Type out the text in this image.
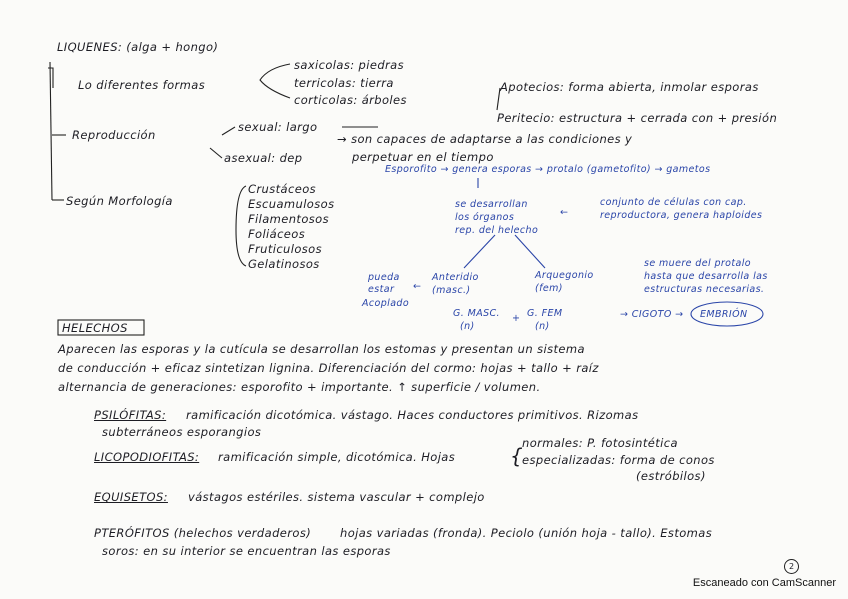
LIQUENES: (alga + hongo)
Lo diferentes formas
saxicolas: piedras
terricolas: tierra
corticolas: árboles
Reproducción
sexual: largo
asexual: dep
Apotecios: forma abierta, inmolar esporas
Peritecio: estructura + cerrada con + presión
→ son capaces de adaptarse a las condiciones y
perpetuar en el tiempo
Según Morfología
Crustáceos
Escuamulosos
Filamentosos
Foliáceos
Fruticulosos
Gelatinosos
Esporofito → genera esporas → protalo (gametofito) → gametos
se desarrollan
los órganos
rep. del helecho
←
conjunto de células con cap.
reproductora, genera haploides
pueda
estar
Acoplado
←
Anteridio
(masc.)
Arquegonio
(fem)
se muere del protalo
hasta que desarrolla las
estructuras necesarias.
G. MASC.
(n)
+ G. FEM
(n)
→ CIGOTO → EMBRIÓN
HELECHOS
Aparecen las esporas y la cutícula se desarrollan los estomas y presentan un sistema
de conducción + eficaz sintetizan lignina. Diferenciación del cormo: hojas + tallo + raíz
alternancia de generaciones: esporofito + importante. ↑ superficie / volumen.
PSILÓFITAS: ramificación dicotómica. vástago. Haces conductores primitivos. Rizomas
subterráneos esporangios
LICOPODIOFITAS: ramificación simple, dicotómica. Hojas	{
normales: P. fotosintética
especializadas: forma de conos
(estróbilos)
EQUISETOS: vástagos estériles. sistema vascular + complejo
PTERÓFITOS (helechos verdaderos)	hojas variadas (fronda). Peciolo (unión hoja - tallo). Estomas
soros: en su interior se encuentran las esporas
2
Escaneado con CamScanner
